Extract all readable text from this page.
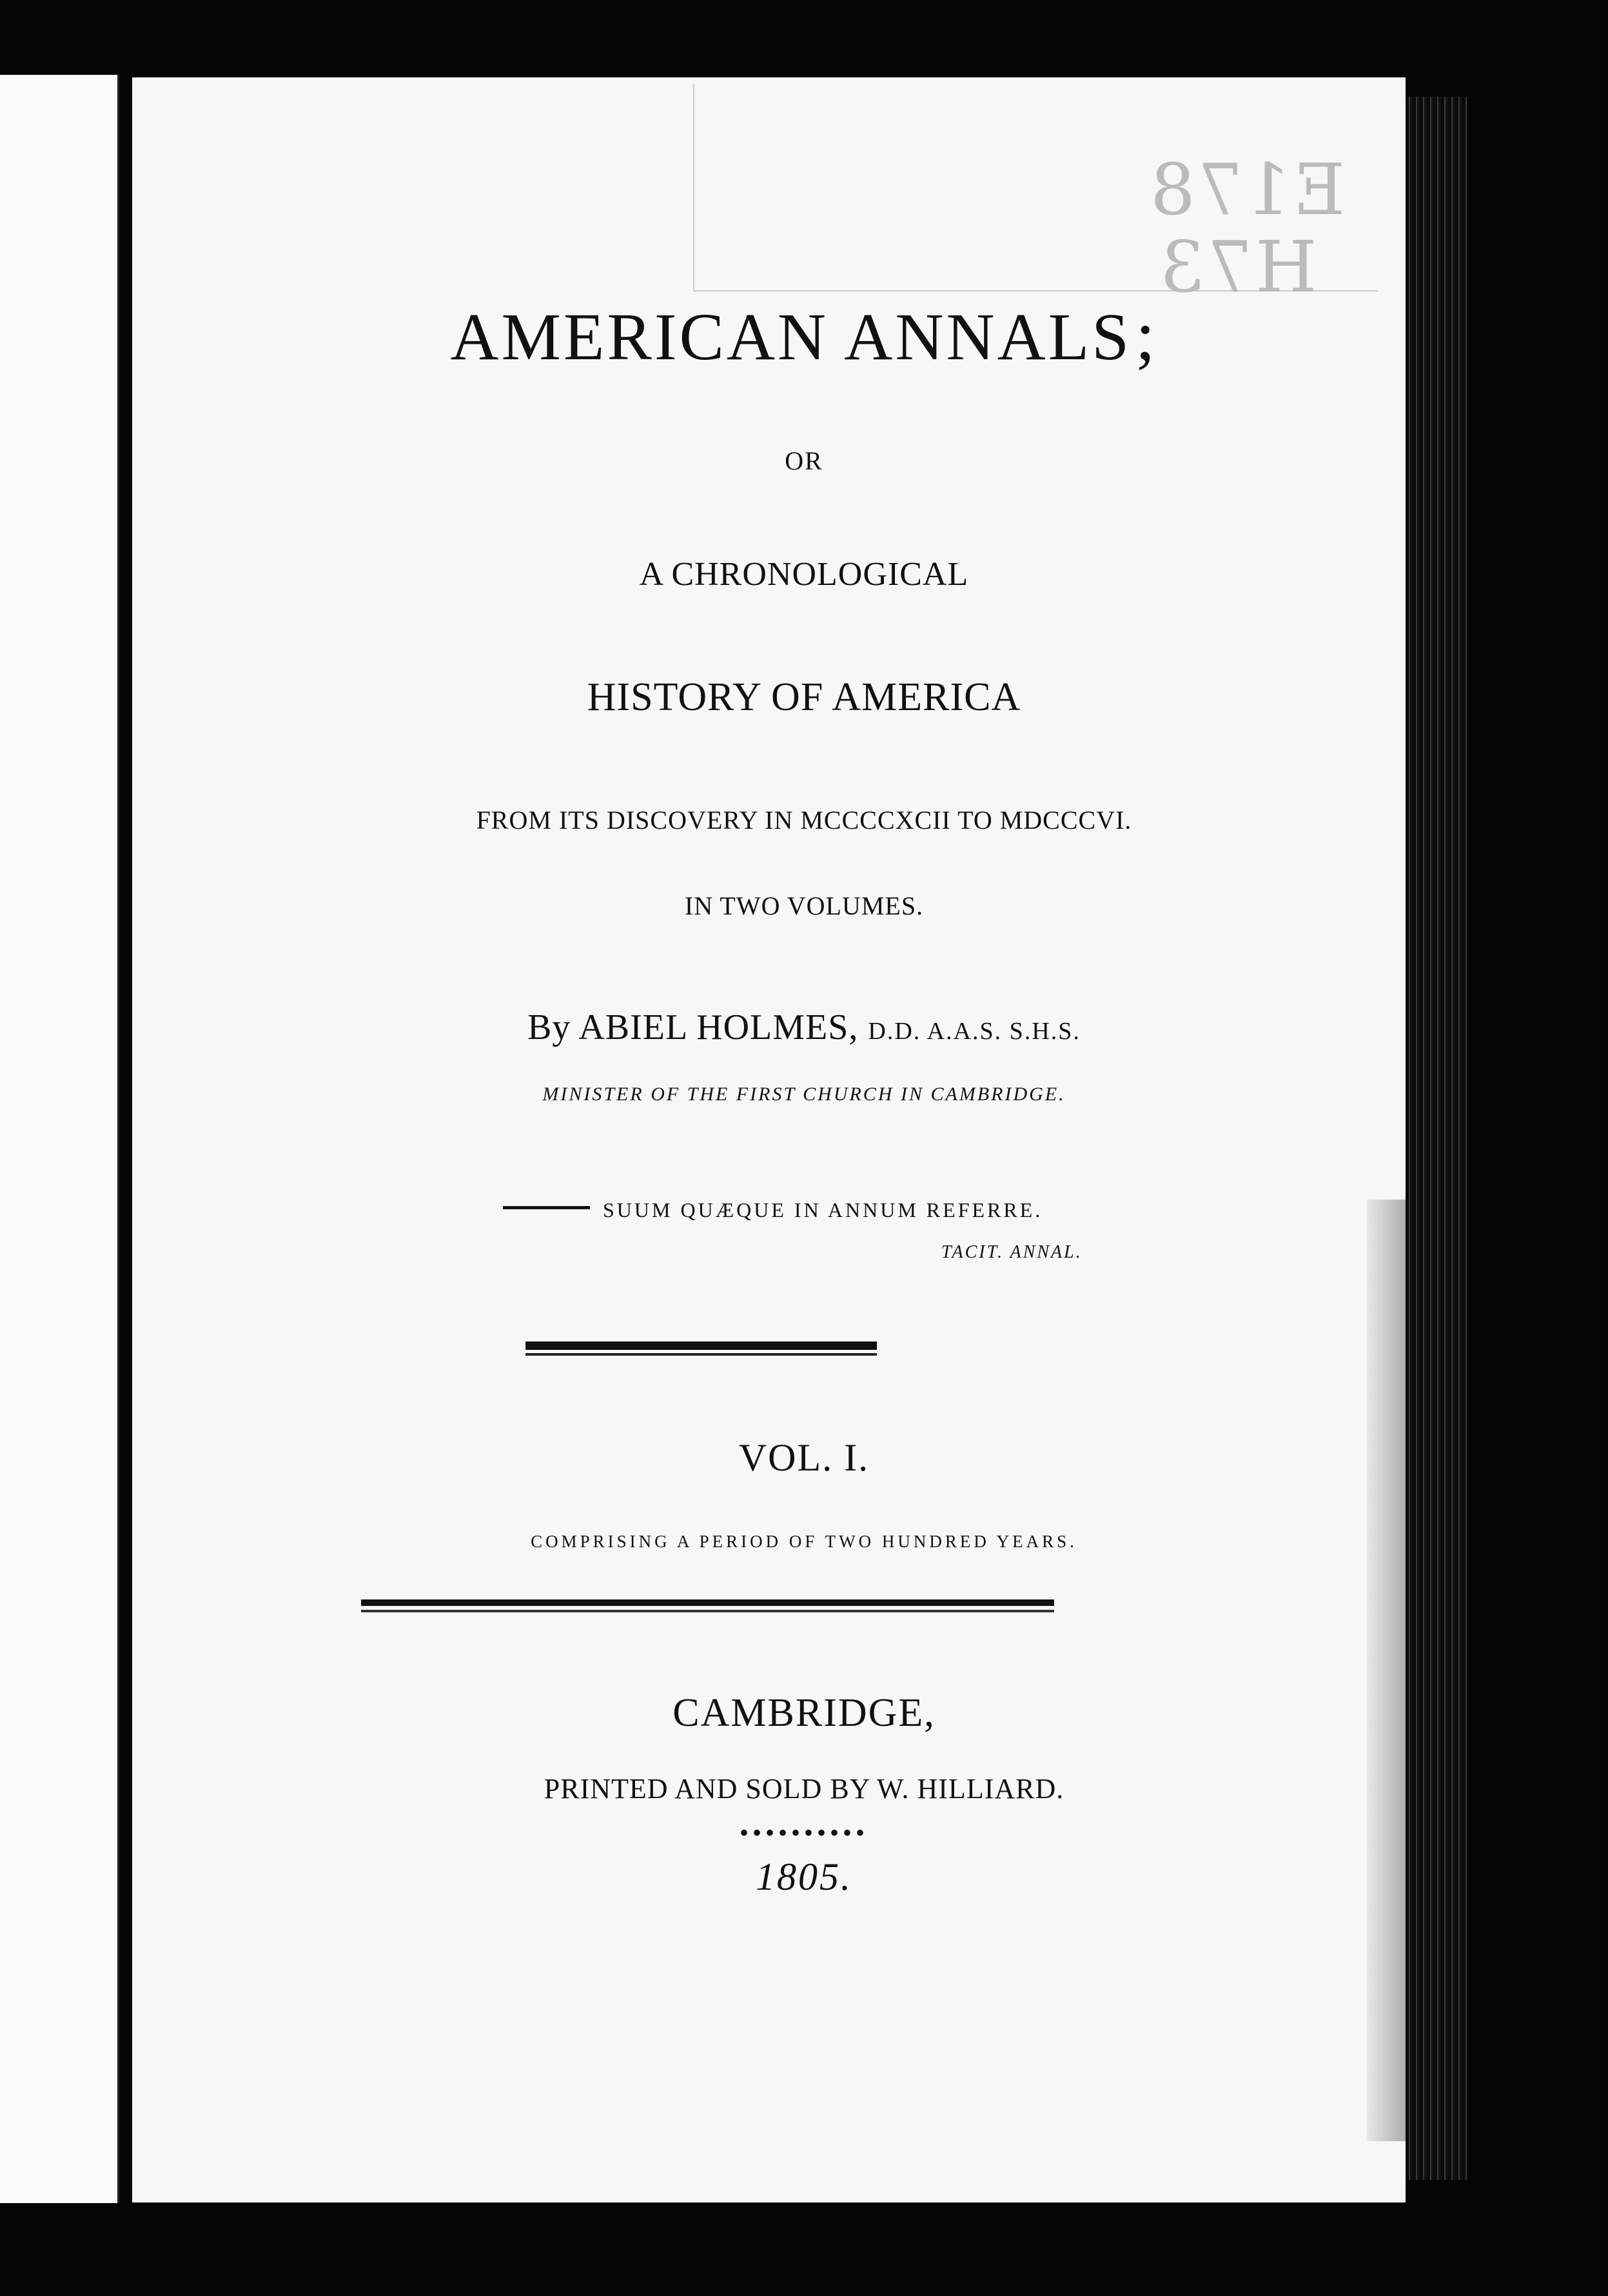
E178
H73
AMERICAN ANNALS;
OR
A CHRONOLOGICAL
HISTORY OF AMERICA
FROM ITS DISCOVERY IN MCCCCXCII TO MDCCCVI.
IN TWO VOLUMES.
By ABIEL HOLMES, D.D. A.A.S. S.H.S.
MINISTER OF THE FIRST CHURCH IN CAMBRIDGE.
SUUM QUÆQUE IN ANNUM REFERRE.
TACIT. ANNAL.
VOL. I.
COMPRISING A PERIOD OF TWO HUNDRED YEARS.
CAMBRIDGE,
PRINTED AND SOLD BY W. HILLIARD.
••••••••••
1805.
